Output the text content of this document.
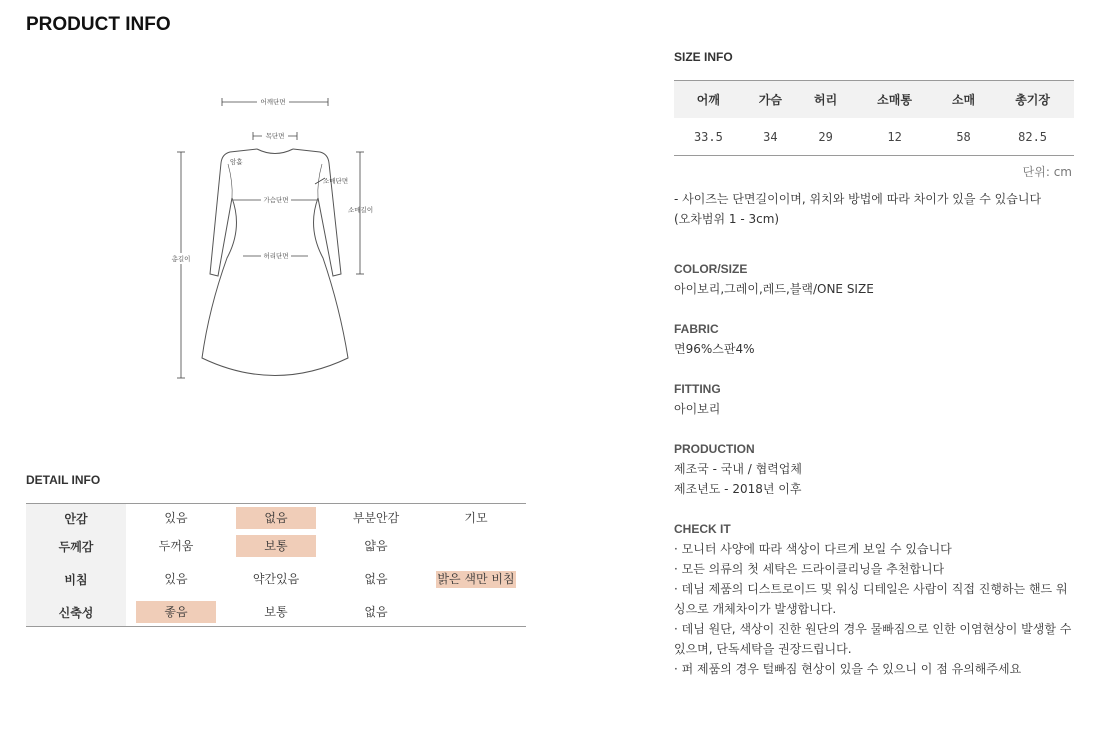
PRODUCT INFO
어깨단면
목단면
암홀
소매단면
소매길이
가슴단면
허리단면
총길이
DETAIL INFO
안감	있음	없음	부분안감	기모
두께감	두꺼움	보통	얇음	
비침	있음	약간있음	없음	밝은 색만 비침
신축성	좋음	보통	없음	
SIZE INFO
어깨	가슴	허리	소매통	소매	총기장
33.5	34	29	12	58	82.5
단위: cm
- 사이즈는 단면길이이며, 위치와 방법에 따라 차이가 있을 수 있습니다
(오차범위 1 - 3cm)
COLOR/SIZE
아이보리,그레이,레드,블랙/ONE SIZE
FABRIC
면96%스판4%
FITTING
아이보리
PRODUCTION
제조국 - 국내 / 협력업체
제조년도 - 2018년 이후
CHECK IT
· 모니터 사양에 따라 색상이 다르게 보일 수 있습니다
· 모든 의류의 첫 세탁은 드라이클리닝을 추천합니다
· 데님 제품의 디스트로이드 및 워싱 디테일은 사람이 직접 진행하는 핸드 워싱으로 개체차이가 발생합니다.
· 데님 원단, 색상이 진한 원단의 경우 물빠짐으로 인한 이염현상이 발생할 수 있으며, 단독세탁을 권장드립니다.
· 퍼 제품의 경우 털빠짐 현상이 있을 수 있으니 이 점 유의해주세요
